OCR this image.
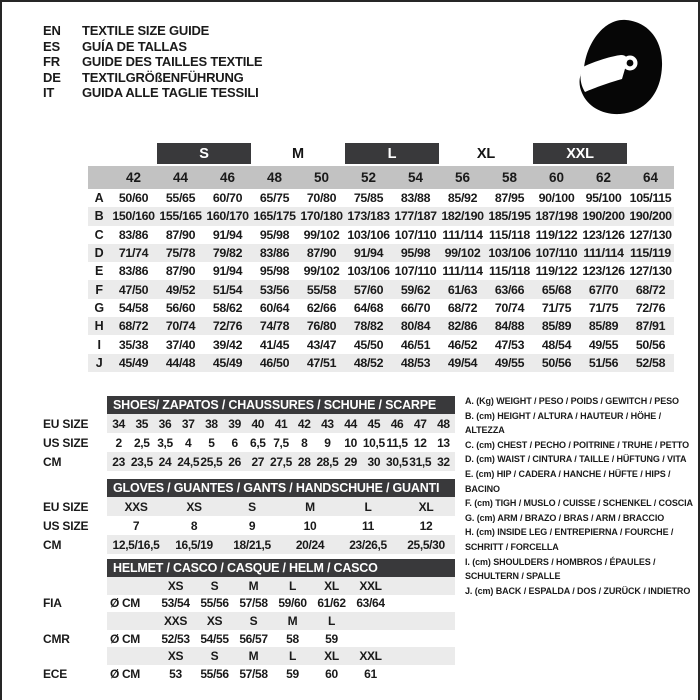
EN	TEXTILE SIZE GUIDE
ES	GUÍA DE TALLAS
FR	GUIDE DES TAILLES TEXTILE
DE	TEXTILGRÖßENFÜHRUNG
IT	GUIDA ALLE TAGLIE TESSILI
S	M	L	XL	XXL
42	44	46	48	50	52	54	56	58	60	62	64
A	50/60	55/65	60/70	65/75	70/80	75/85	83/88	85/92	87/95	90/100 95/100 105/115
B 150/160 155/165 160/170 165/175 170/180 173/183 177/187 182/190 185/195 187/198 190/200 190/200
C	83/86	87/90	91/94	95/98	99/102 103/106 107/110 111/114 115/118 119/122 123/126 127/130
D	71/74	75/78	79/82	83/86	87/90	91/94	95/98	99/102 103/106 107/110 111/114 115/119
E	83/86	87/90	91/94	95/98	99/102 103/106 107/110 111/114 115/118 119/122 123/126 127/130
F	47/50	49/52	51/54	53/56	55/58	57/60	59/62	61/63	63/66	65/68	67/70	68/72
G	54/58	56/60	58/62	60/64	62/66	64/68	66/70	68/72	70/74	71/75	71/75	72/76
H	68/72	70/74	72/76	74/78	76/80	78/82	80/84	82/86	84/88	85/89	85/89	87/91
I	35/38	37/40	39/42	41/45	43/47	45/50	46/51	46/52	47/53	48/54	49/55	50/56
J	45/49	44/48	45/49	46/50	47/51	48/52	48/53	49/54	49/55	50/56	51/56	52/58
SHOES/ ZAPATOS / CHAUSSURES / SCHUHE / SCARPE
EU SIZE	34 35 36 37 38 39 40 41 42 43 44 45 46 47 48
US SIZE	2	2,5 3,5	4	5	6	6,5 7,5	8	9	10 10,5 11,5 12 13
CM	23 23,5 24 24,5 25,5 26 27 27,5 28 28,5 29 30 30,5 31,5 32
GLOVES / GUANTES / GANTS / HANDSCHUHE / GUANTI
EU SIZE	XXS	XS	S	M	L	XL
US SIZE	7	8	9	10	11	12
CM	12,5/16,5	16,5/19	18/21,5	20/24	23/26,5	25,5/30
HELMET / CASCO / CASQUE / HELM / CASCO
XS	S	M	L	XL	XXL
FIA	Ø CM	53/54 55/56 57/58 59/60 61/62 63/64
XXS	XS	S	M	L
CMR	Ø CM	52/53 54/55 56/57	58	59
XS	S	M	L	XL	XXL
ECE	Ø CM	53	55/56 57/58	59	60	61
A. (Kg) WEIGHT / PESO / POIDS / GEWITCH / PESO
B. (cm) HEIGHT / ALTURA / HAUTEUR / HÖHE / ALTEZZA
C. (cm) CHEST / PECHO / POITRINE / TRUHE / PETTO
D. (cm) WAIST / CINTURA / TAILLE / HÜFTUNG / VITA
E. (cm) HIP / CADERA / HANCHE / HÜFTE / HIPS / BACINO
F. (cm) TIGH / MUSLO / CUISSE / SCHENKEL / COSCIA
G. (cm) ARM / BRAZO / BRAS / ARM / BRACCIO
H. (cm) INSIDE LEG / ENTREPIERNA / FOURCHE / SCHRITT / FORCELLA
I. (cm) SHOULDERS / HOMBROS / ÉPAULES / SCHULTERN / SPALLE
J. (cm) BACK / ESPALDA / DOS / ZURÜCK / INDIETRO
